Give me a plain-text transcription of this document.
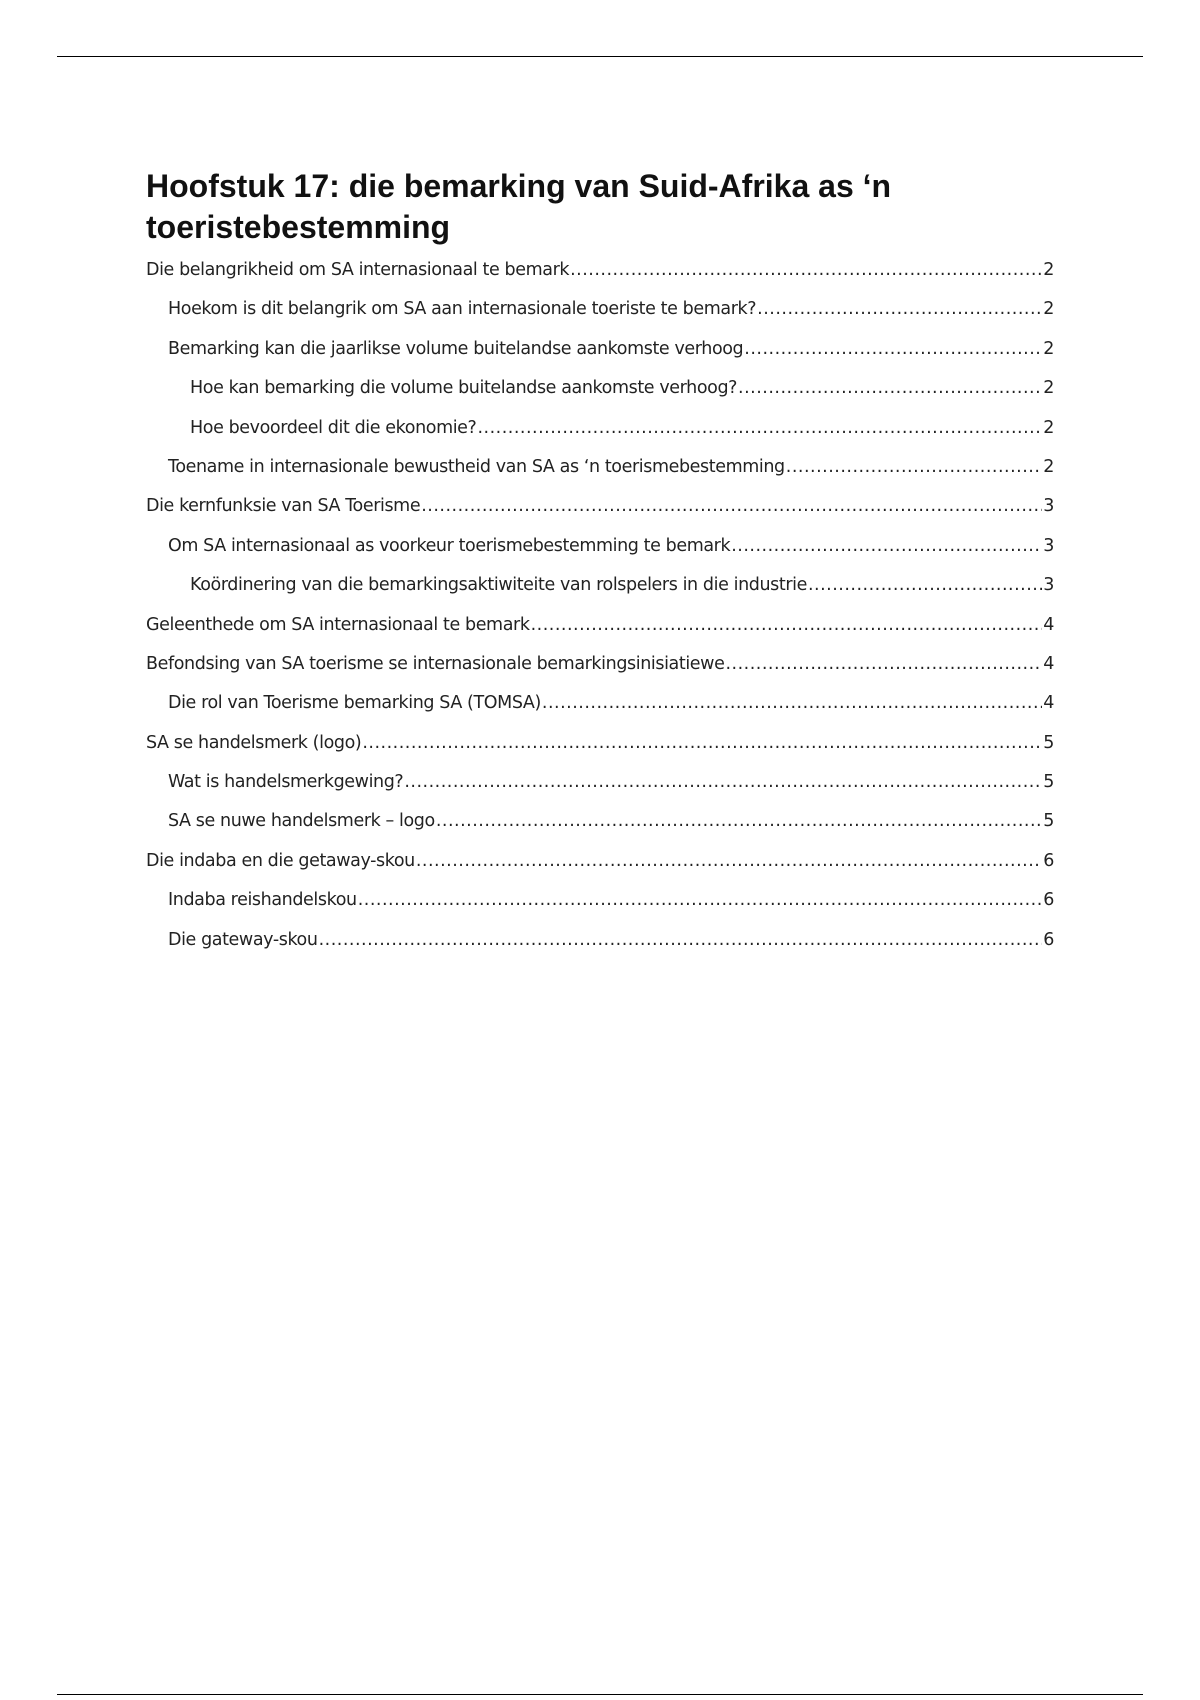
Hoofstuk 17: die bemarking van Suid-Afrika as ‘n toeristebestemming
Die belangrikheid om SA internasionaal te bemark .....	2
Hoekom is dit belangrik om SA aan internasionale toeriste te bemark? .....	2
Bemarking kan die jaarlikse volume buitelandse aankomste verhoog .....	2
Hoe kan bemarking die volume buitelandse aankomste verhoog? .....	2
Hoe bevoordeel dit die ekonomie? .....	2
Toename in internasionale bewustheid van SA as ‘n toerismebestemming .....	2
Die kernfunksie van SA Toerisme .....	3
Om SA internasionaal as voorkeur toerismebestemming te bemark .....	3
Koördinering van die bemarkingsaktiwiteite van rolspelers in die industrie .....	3
Geleenthede om SA internasionaal te bemark .....	4
Befondsing van SA toerisme se internasionale bemarkingsinisiatiewe .....	4
Die rol van Toerisme bemarking SA (TOMSA) .....	4
SA se handelsmerk (logo) .....	5
Wat is handelsmerkgewing? .....	5
SA se nuwe handelsmerk – logo .....	5
Die indaba en die getaway-skou .....	6
Indaba reishandelskou .....	6
Die gateway-skou .....	6
